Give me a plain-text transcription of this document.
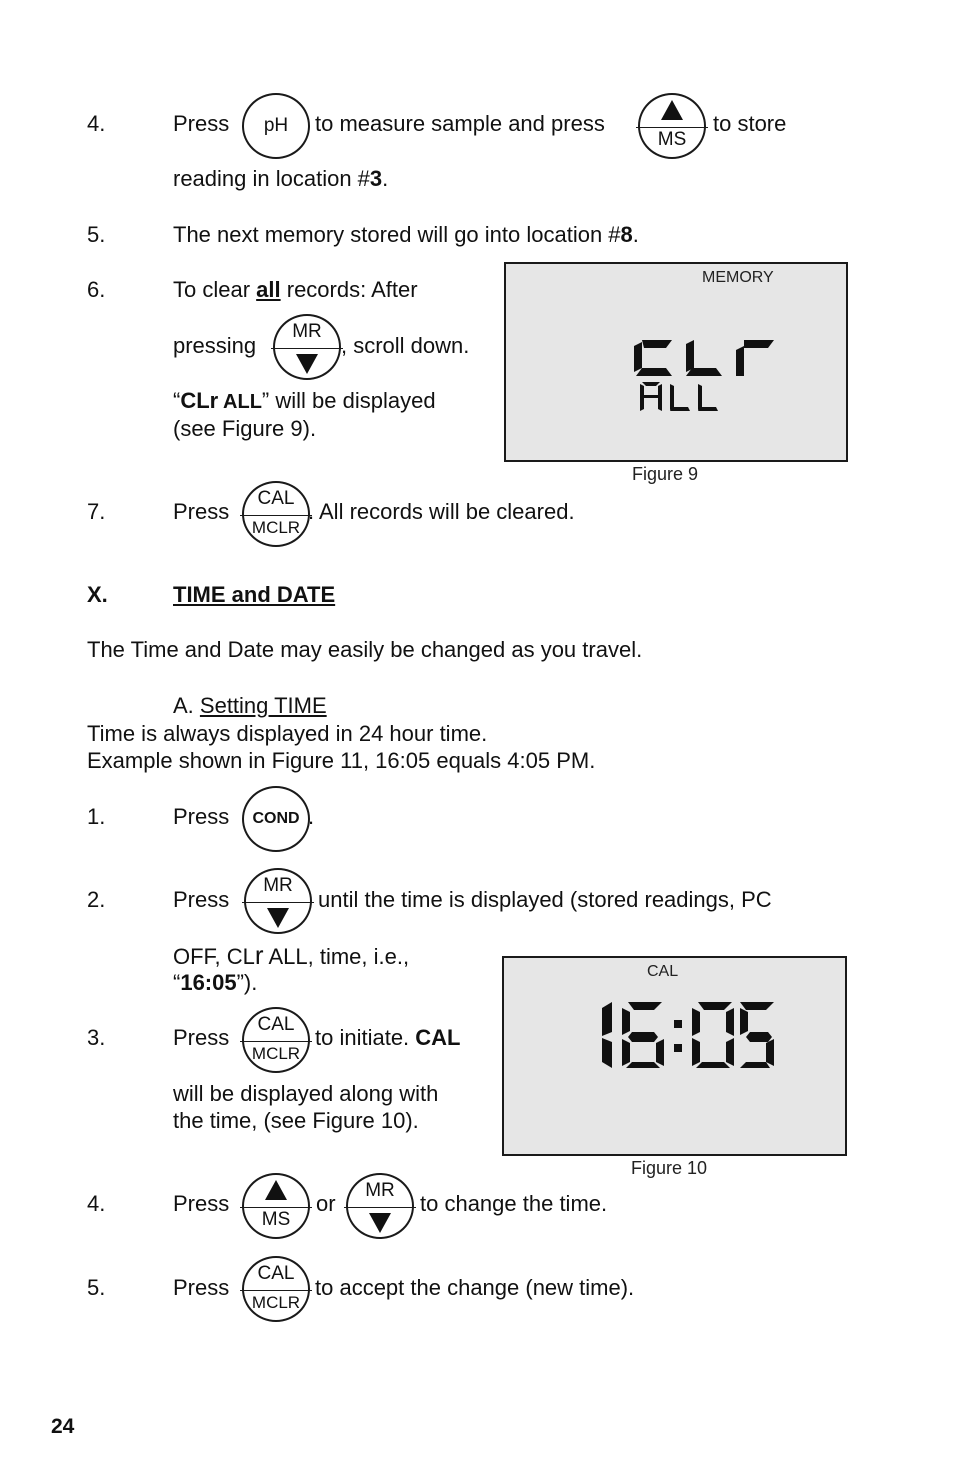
4.	Press	pH	to measure sample and press
MS
to store
reading in location #3.
5.	The next memory stored will go into location #8.
6.	To clear all records: After
pressing
MR
, scroll down.
“CLr ALL” will be displayed
(see Figure 9).
MEMORY
Figure 9
7.	Press
CAL
MCLR
. All records will be cleared.
X.	TIME and DATE
The Time and Date may easily be changed as you travel.
A. Setting TIME
Time is always displayed in 24 hour time.
Example shown in Figure 11, 16:05 equals 4:05 PM.
1.	Press	COND .
2.	Press
MR
until the time is displayed (stored readings, PC
OFF, CLr ALL, time, i.e.,
“16:05”).
3.	Press
CAL
MCLR
to initiate. CAL
will be displayed along with
the time, (see Figure 10).
CAL
Figure 10
4.	Press
MS
or
MR
to change the time.
5.	Press
CAL
MCLR
to accept the change (new time).
24
